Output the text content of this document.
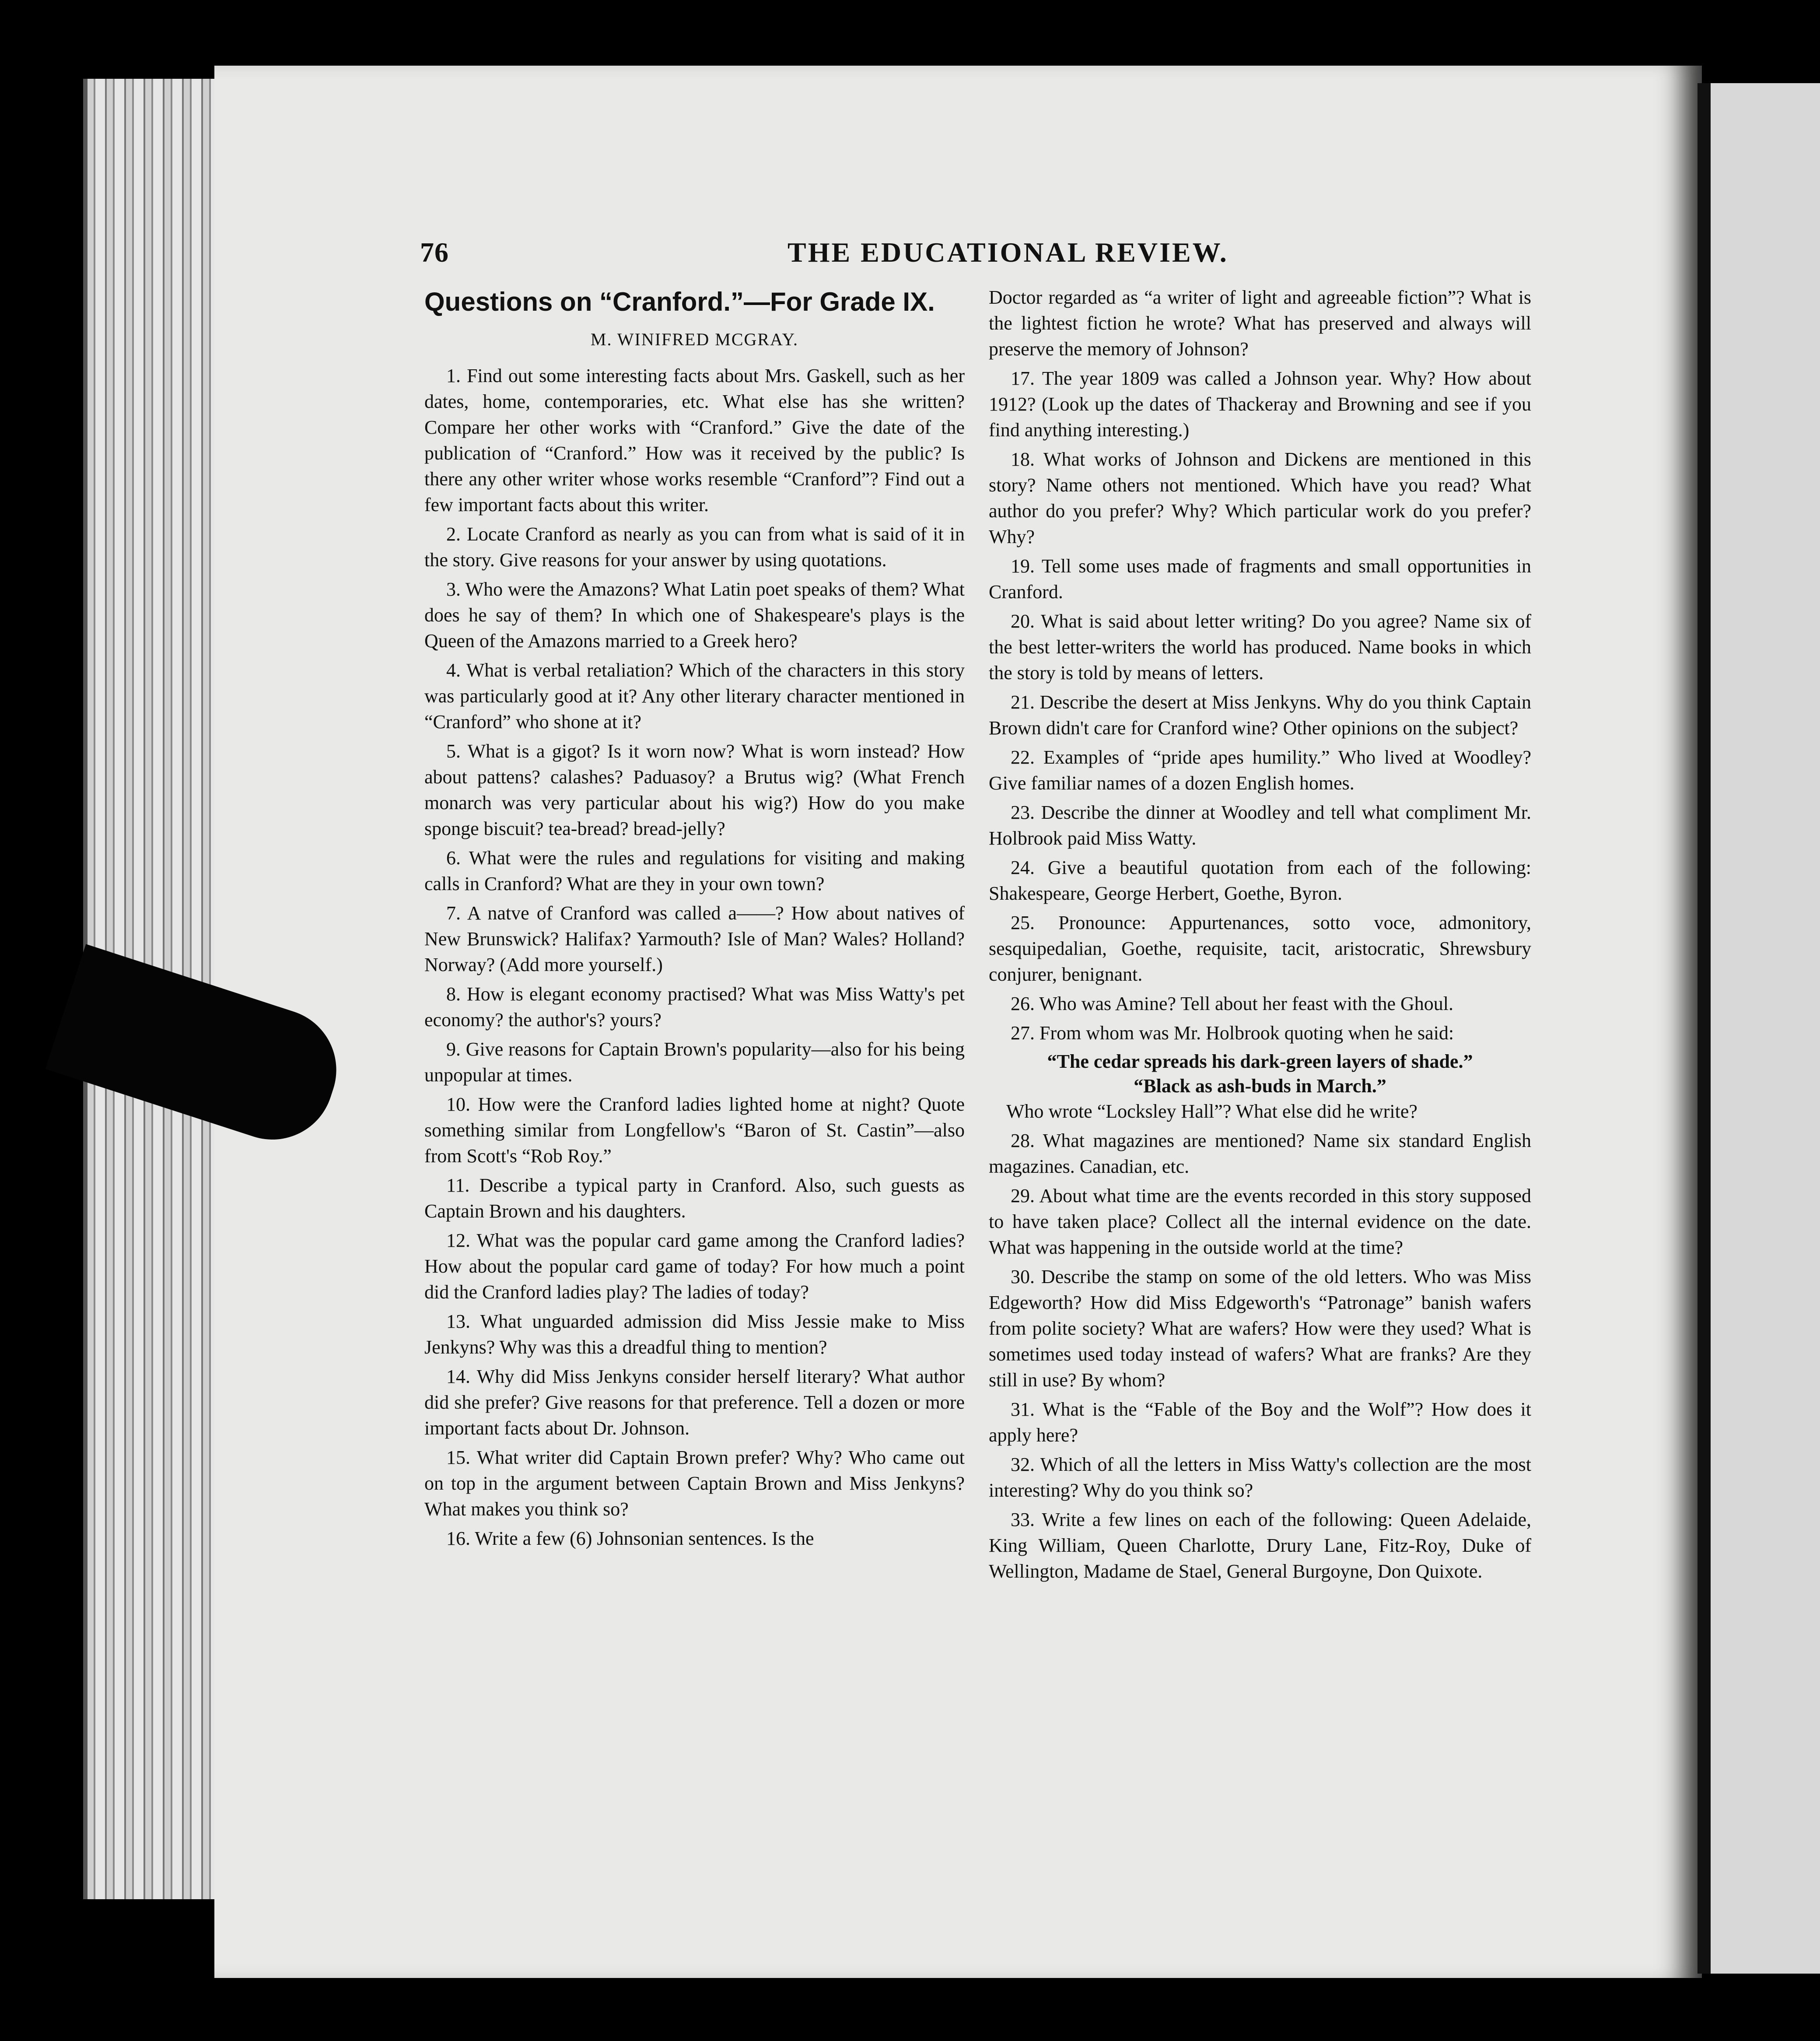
76	THE EDUCATIONAL REVIEW.
Questions on “Cranford.”—For Grade IX.

M. WINIFRED MCGRAY.

1. Find out some interesting facts about Mrs. Gaskell, such as her dates, home, contemporaries, etc. What else has she written? Compare her other works with “Cranford.” Give the date of the publication of “Cranford.” How was it received by the public? Is there any other writer whose works resemble “Cranford”? Find out a few important facts about this writer.

2. Locate Cranford as nearly as you can from what is said of it in the story. Give reasons for your answer by using quotations.

3. Who were the Amazons? What Latin poet speaks of them? What does he say of them? In which one of Shakespeare's plays is the Queen of the Amazons married to a Greek hero?

4. What is verbal retaliation? Which of the characters in this story was particularly good at it? Any other literary character mentioned in “Cranford” who shone at it?

5. What is a gigot? Is it worn now? What is worn instead? How about pattens? calashes? Paduasoy? a Brutus wig? (What French monarch was very particular about his wig?) How do you make sponge biscuit? tea-bread? bread-jelly?

6. What were the rules and regulations for visiting and making calls in Cranford? What are they in your own town?

7. A natve of Cranford was called a——? How about natives of New Brunswick? Halifax? Yarmouth? Isle of Man? Wales? Holland? Norway? (Add more yourself.)

8. How is elegant economy practised? What was Miss Watty's pet economy? the author's? yours?

9. Give reasons for Captain Brown's popularity—also for his being unpopular at times.

10. How were the Cranford ladies lighted home at night? Quote something similar from Longfellow's “Baron of St. Castin”—also from Scott's “Rob Roy.”

11. Describe a typical party in Cranford. Also, such guests as Captain Brown and his daughters.

12. What was the popular card game among the Cranford ladies? How about the popular card game of today? For how much a point did the Cranford ladies play? The ladies of today?

13. What unguarded admission did Miss Jessie make to Miss Jenkyns? Why was this a dreadful thing to mention?

14. Why did Miss Jenkyns consider herself literary? What author did she prefer? Give reasons for that preference. Tell a dozen or more important facts about Dr. Johnson.

15. What writer did Captain Brown prefer? Why? Who came out on top in the argument between Captain Brown and Miss Jenkyns? What makes you think so?

16. Write a few (6) Johnsonian sentences. Is the

Doctor regarded as “a writer of light and agreeable fiction”? What is the lightest fiction he wrote? What has preserved and always will preserve the memory of Johnson?

17. The year 1809 was called a Johnson year. Why? How about 1912? (Look up the dates of Thackeray and Browning and see if you find anything interesting.)

18. What works of Johnson and Dickens are mentioned in this story? Name others not mentioned. Which have you read? What author do you prefer? Why? Which particular work do you prefer? Why?

19. Tell some uses made of fragments and small opportunities in Cranford.

20. What is said about letter writing? Do you agree? Name six of the best letter-writers the world has produced. Name books in which the story is told by means of letters.

21. Describe the desert at Miss Jenkyns. Why do you think Captain Brown didn't care for Cranford wine? Other opinions on the subject?

22. Examples of “pride apes humility.” Who lived at Woodley? Give familiar names of a dozen English homes.

23. Describe the dinner at Woodley and tell what compliment Mr. Holbrook paid Miss Watty.

24. Give a beautiful quotation from each of the following: Shakespeare, George Herbert, Goethe, Byron.

25. Pronounce: Appurtenances, sotto voce, admonitory, sesquipedalian, Goethe, requisite, tacit, aristocratic, Shrewsbury conjurer, benignant.

26. Who was Amine? Tell about her feast with the Ghoul.

27. From whom was Mr. Holbrook quoting when he said:

“The cedar spreads his dark-green layers of shade.”

“Black as ash-buds in March.”

Who wrote “Locksley Hall”? What else did he write?

28. What magazines are mentioned? Name six standard English magazines. Canadian, etc.

29. About what time are the events recorded in this story supposed to have taken place? Collect all the internal evidence on the date. What was happening in the outside world at the time?

30. Describe the stamp on some of the old letters. Who was Miss Edgeworth? How did Miss Edgeworth's “Patronage” banish wafers from polite society? What are wafers? How were they used? What is sometimes used today instead of wafers? What are franks? Are they still in use? By whom?

31. What is the “Fable of the Boy and the Wolf”? How does it apply here?

32. Which of all the letters in Miss Watty's collection are the most interesting? Why do you think so?

33. Write a few lines on each of the following: Queen Adelaide, King William, Queen Charlotte, Drury Lane, Fitz-Roy, Duke of Wellington, Madame de Stael, General Burgoyne, Don Quixote.
